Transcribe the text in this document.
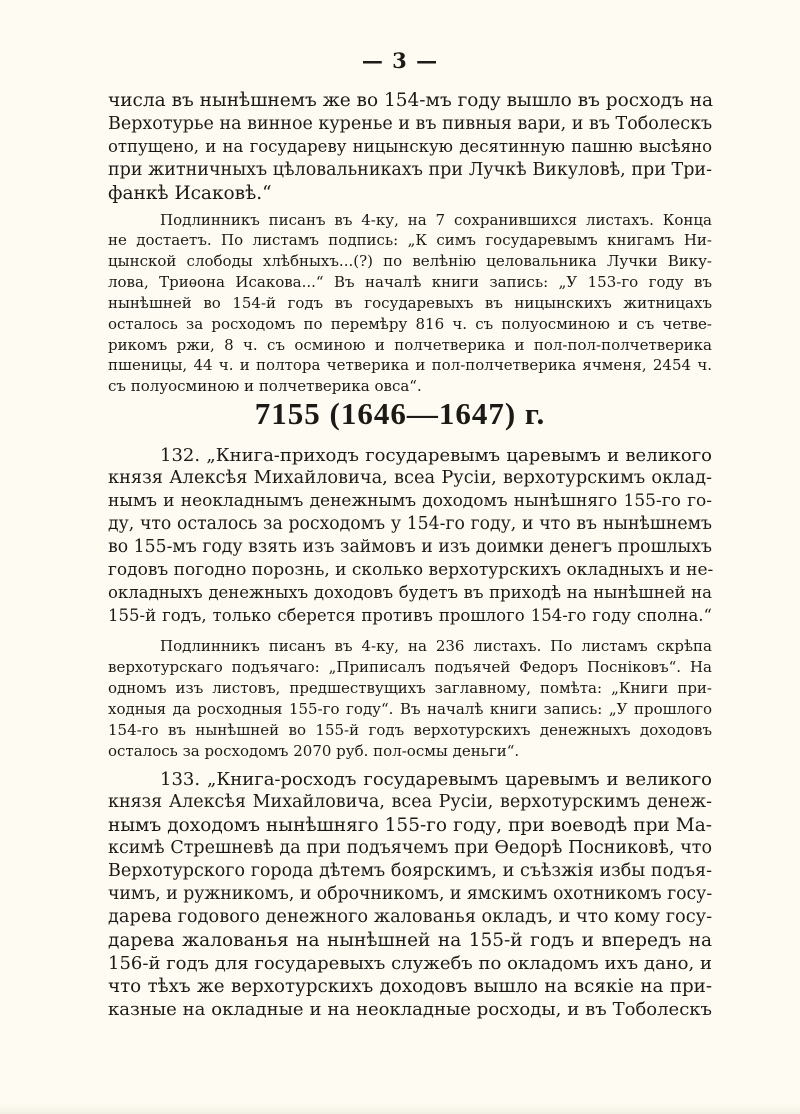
— 3 —

числа въ нынѣшнемъ же во 154-мъ году вышло въ росходъ на

Верхотурье на винное куренье и въ пивныя вари, и въ Тоболескъ

отпущено, и на государеву ницынскую десятинную пашню высѣяно

при житничныхъ цѣловальникахъ при Лучкѣ Викуловѣ, при Три-

фанкѣ Исаковѣ.“

Подлинникъ писанъ въ 4-ку, на 7 сохранившихся листахъ. Конца

не достаетъ. По листамъ подпись: „К симъ государевымъ книгамъ Ни-

цынской слободы хлѣбныхъ...(?) по велѣнію целовальника Лучки Вику-

лова, Триѳона Исакова...“ Въ началѣ книги запись: „У 153-го году въ

нынѣшней во 154-й годъ въ государевыхъ въ ницынскихъ житницахъ

осталось за росходомъ по перемѣру 816 ч. съ полуосминою и съ четве-

рикомъ ржи, 8 ч. съ осминою и полчетверика и пол-пол-полчетверика

пшеницы, 44 ч. и полтора четверика и пол-полчетверика ячменя, 2454 ч.

съ полуосминою и полчетверика овса“.

7155 (1646—1647) г.

132. „Книга-приходъ государевымъ царевымъ и великого

князя Алексѣя Михайловича, всеа Русіи, верхотурскимъ оклад-

нымъ и неокладнымъ денежнымъ доходомъ нынѣшняго 155-го го-

ду, что осталось за росходомъ у 154-го году, и что въ нынѣшнемъ

во 155-мъ году взять изъ займовъ и изъ доимки денегъ прошлыхъ

годовъ погодно порознь, и сколько верхотурскихъ окладныхъ и не-

окладныхъ денежныхъ доходовъ будетъ въ приходѣ на нынѣшней на

155-й годъ, только сберется противъ прошлого 154-го году сполна.“

Подлинникъ писанъ въ 4-ку, на 236 листахъ. По листамъ скрѣпа

верхотурскаго подъячаго: „Приписалъ подъячей Федоръ Посніковъ“. На

одномъ изъ листовъ, предшествущихъ заглавному, помѣта: „Книги при-

ходныя да росходныя 155-го году“. Въ началѣ книги запись: „У прошлого

154-го въ нынѣшней во 155-й годъ верхотурскихъ денежныхъ доходовъ

осталось за росходомъ 2070 руб. пол-осмы деньги“.

133. „Книга-росходъ государевымъ царевымъ и великого

князя Алексѣя Михайловича, всеа Русіи, верхотурскимъ денеж-

нымъ доходомъ нынѣшняго 155-го году, при воеводѣ при Ма-

ксимѣ Стрешневѣ да при подъячемъ при Ѳедорѣ Посниковѣ, что

Верхотурского города дѣтемъ боярскимъ, и съѣзжія избы подъя-

чимъ, и ружникомъ, и оброчникомъ, и ямскимъ охотникомъ госу-

дарева годового денежного жалованья окладъ, и что кому госу-

дарева жалованья на нынѣшней на 155-й годъ и впередъ на

156-й годъ для государевыхъ служебъ по окладомъ ихъ дано, и

что тѣхъ же верхотурскихъ доходовъ вышло на всякіе на при-

казные на окладные и на неокладные росходы, и въ Тоболескъ
